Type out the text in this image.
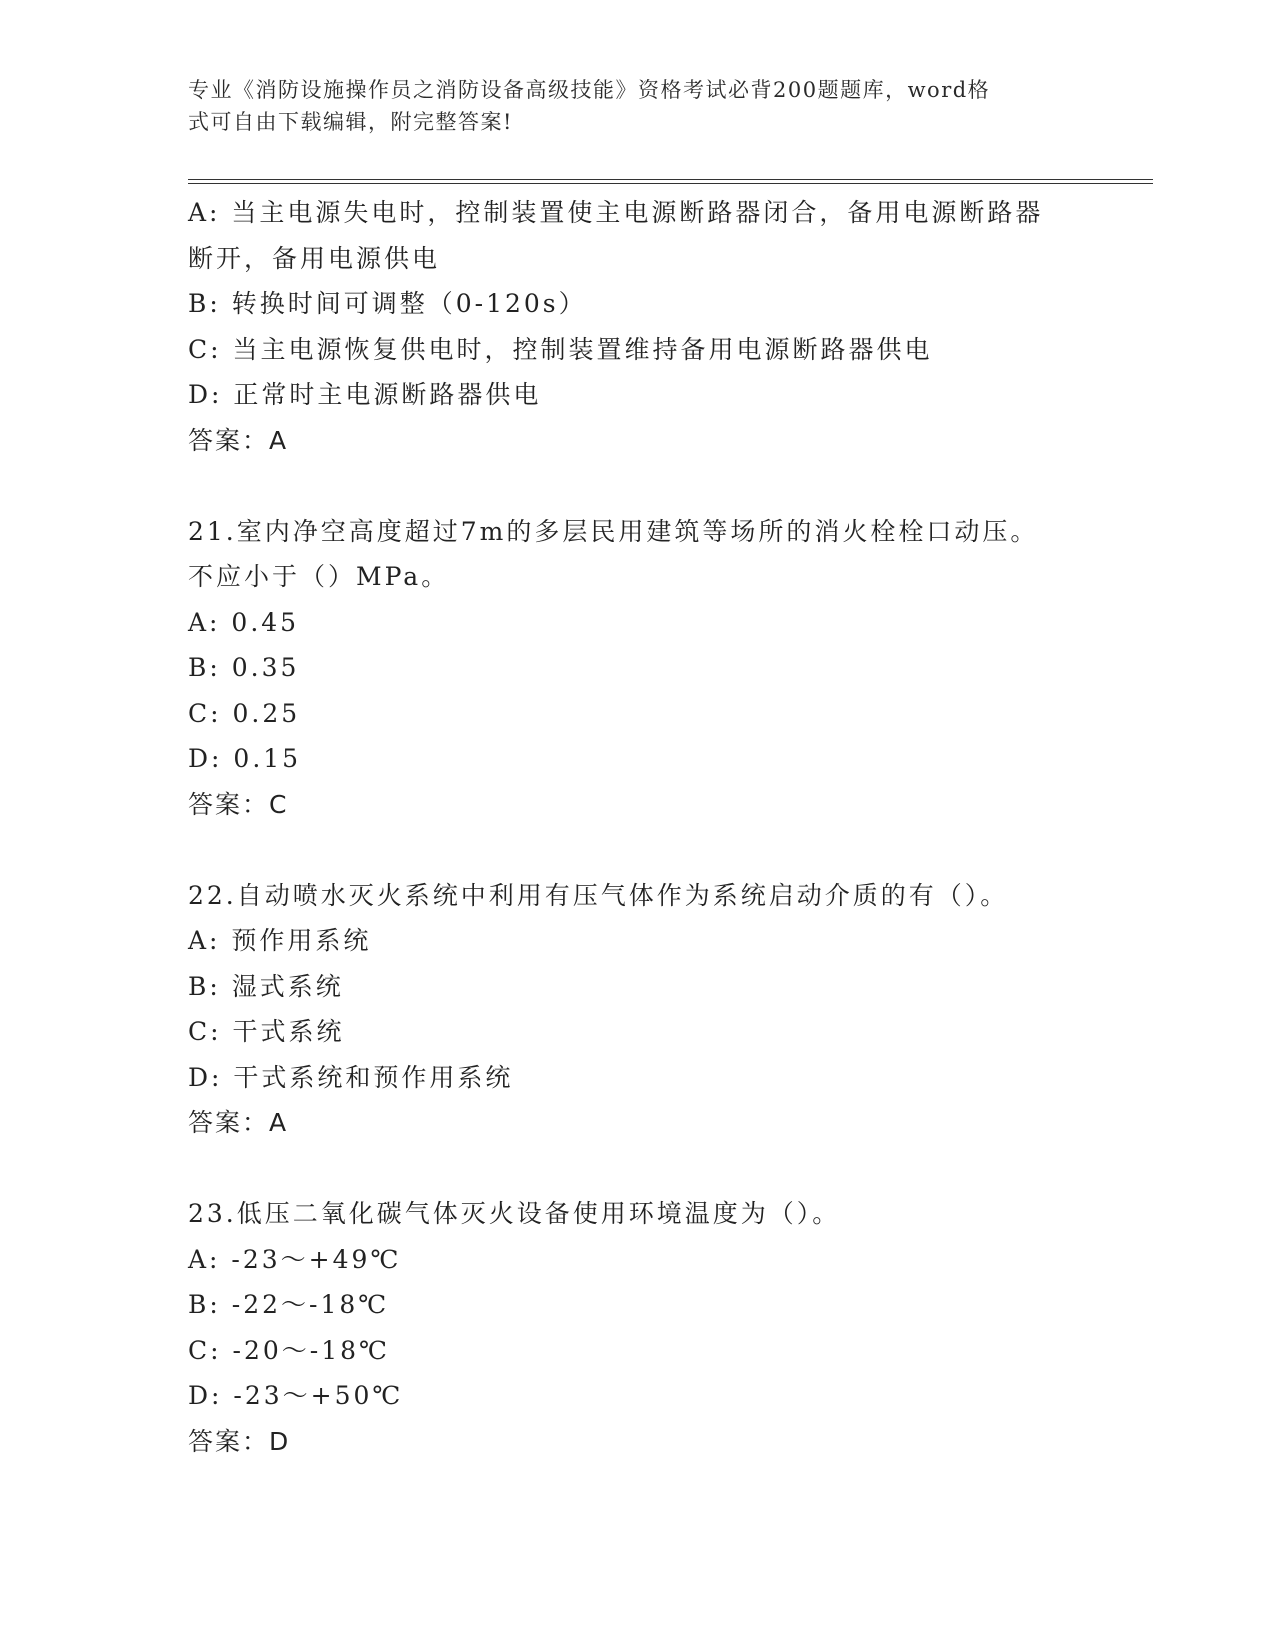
专业《消防设施操作员之消防设备高级技能》资格考试必背200题题库，word格
式可自由下载编辑，附完整答案!
A: 当主电源失电时，控制装置使主电源断路器闭合，备用电源断路器
断开，备用电源供电
B: 转换时间可调整（0-120s）
C: 当主电源恢复供电时，控制装置维持备用电源断路器供电
D: 正常时主电源断路器供电
答案：A
21.室内净空高度超过7m的多层民用建筑等场所的消火栓栓口动压。
不应小于（）MPa。
A: 0.45
B: 0.35
C: 0.25
D: 0.15
答案：C
22.自动喷水灭火系统中利用有压气体作为系统启动介质的有（）。
A: 预作用系统
B: 湿式系统
C: 干式系统
D: 干式系统和预作用系统
答案：A
23.低压二氧化碳气体灭火设备使用环境温度为（）。
A: -23～+49℃
B: -22～-18℃
C: -20～-18℃
D: -23～+50℃
答案：D
